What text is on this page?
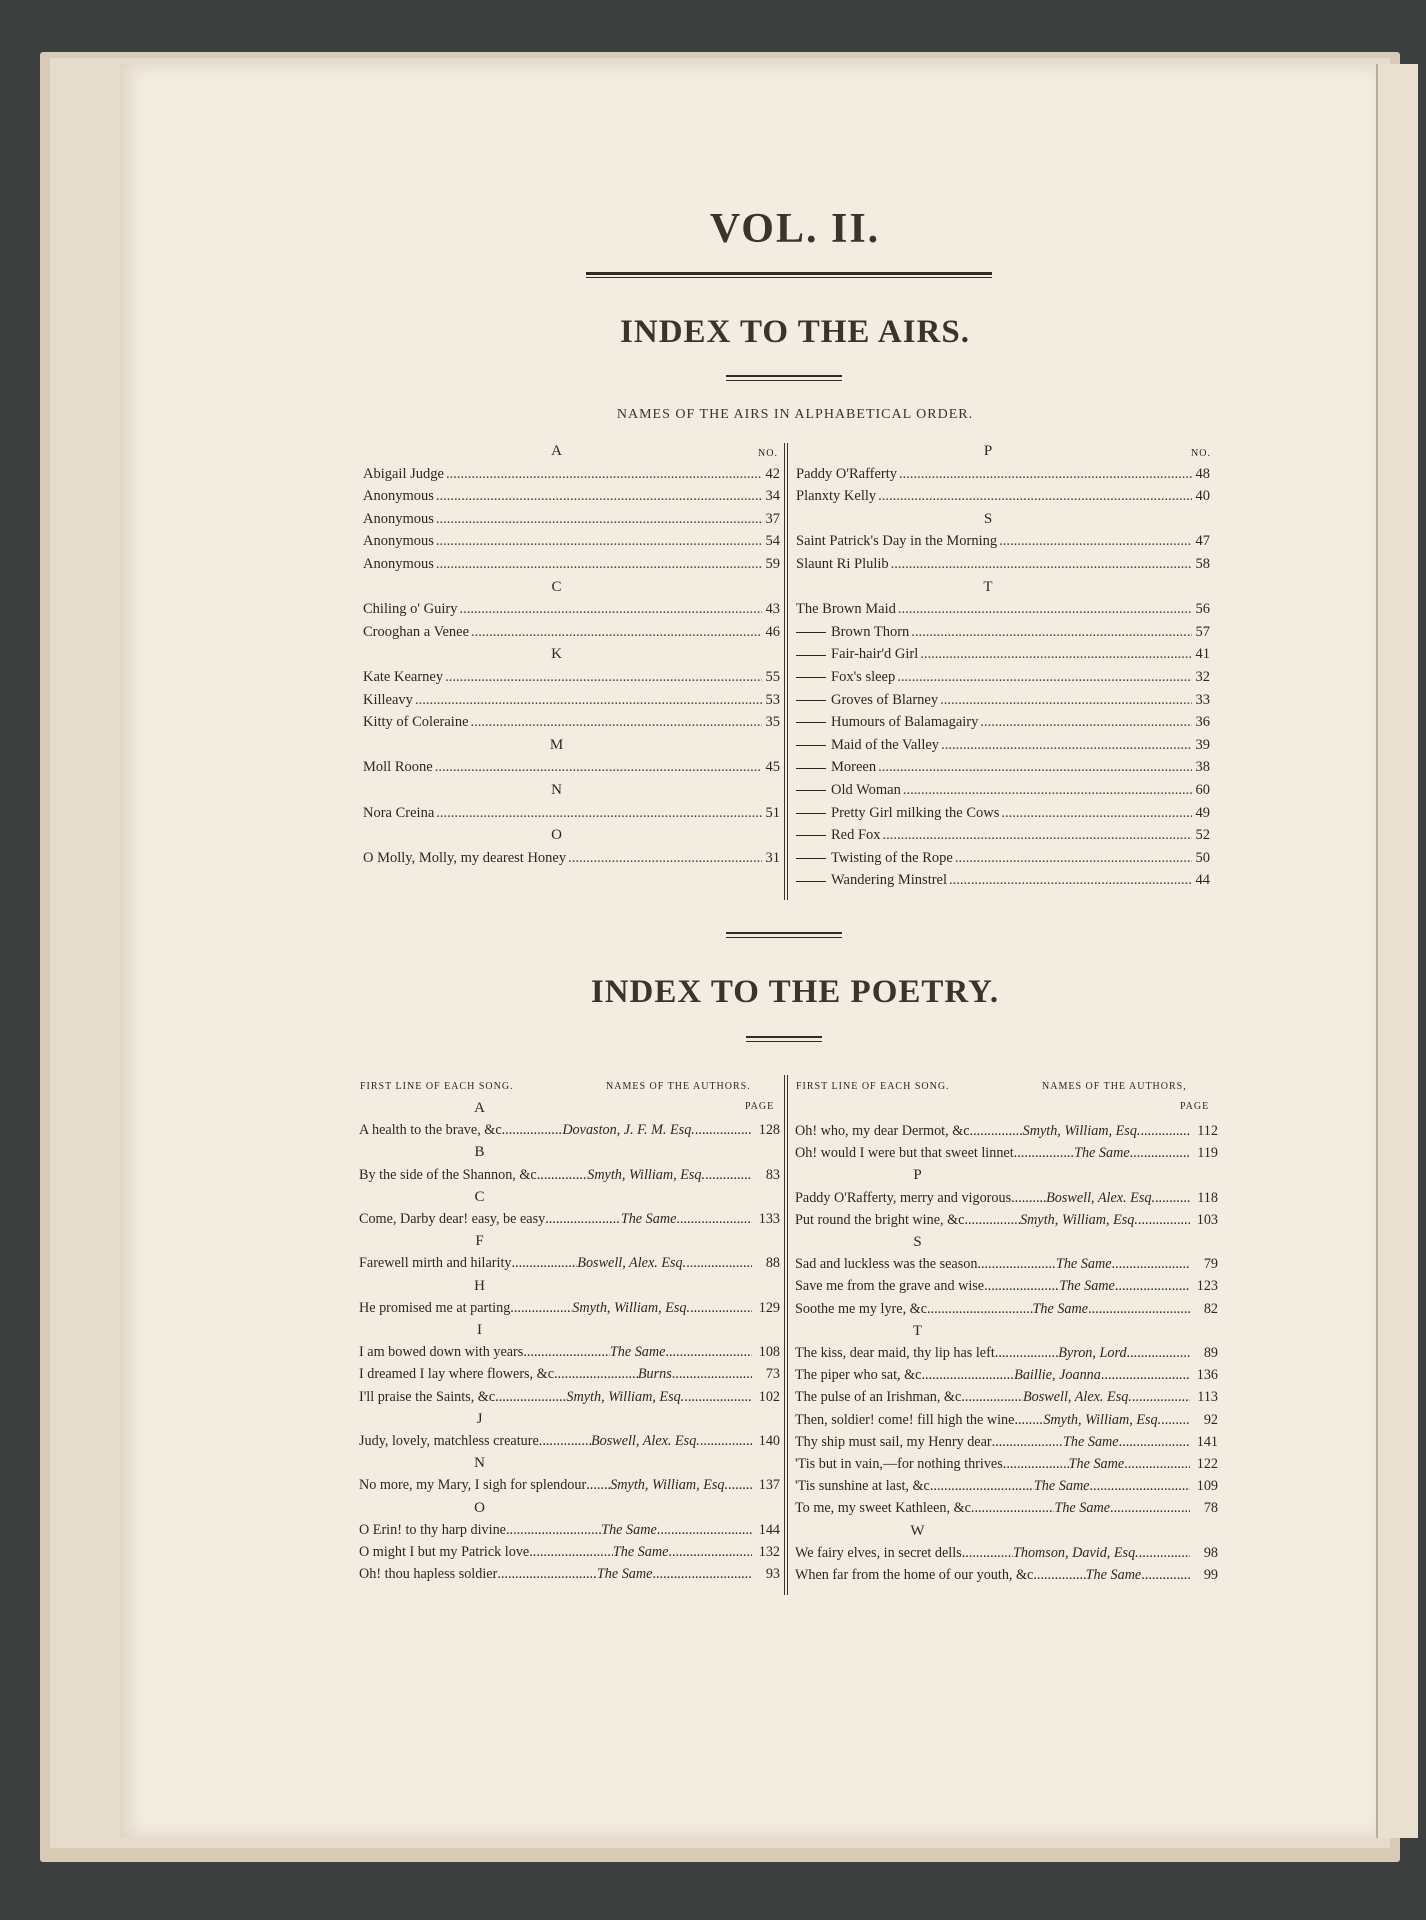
VOL. II.
INDEX TO THE AIRS.
NAMES OF THE AIRS IN ALPHABETICAL ORDER.
NO.	NO.
A
Abigail Judge .....	42
Anonymous .....	34
Anonymous .....	37
Anonymous .....	54
Anonymous .....	59
C
Chiling o' Guiry .....	43
Crooghan a Venee .....	46
K
Kate Kearney .....	55
Killeavy .....	53
Kitty of Coleraine .....	35
M
Moll Roone .....	45
N
Nora Creina .....	51
O
O Molly, Molly, my dearest Honey .....	31
P
Paddy O'Rafferty .....	48
Planxty Kelly .....	40
S
Saint Patrick's Day in the Morning .....	47
Slaunt Ri Plulib .....	58
T
The Brown Maid .....	56
Brown Thorn .....	57
Fair-hair'd Girl .....	41
Fox's sleep .....	32
Groves of Blarney .....	33
Humours of Balamagairy .....	36
Maid of the Valley .....	39
Moreen .....	38
Old Woman .....	60
Pretty Girl milking the Cows .....	49
Red Fox .....	52
Twisting of the Rope .....	50
Wandering Minstrel .....	44
INDEX TO THE POETRY.
FIRST LINE OF EACH SONG.	NAMES OF THE AUTHORS.
PAGE
FIRST LINE OF EACH SONG.	NAMES OF THE AUTHORS,
PAGE
A
A health to the brave, &c. .....	Dovaston, J. F. M. Esq. .....	128
B
By the side of the Shannon, &c. .....	Smyth, William, Esq. .....	83
C
Come, Darby dear! easy, be easy .....	The Same .....	133
F
Farewell mirth and hilarity .....	Boswell, Alex. Esq. .....	88
H
He promised me at parting .....	Smyth, William, Esq. .....	129
I
I am bowed down with years .....	The Same .....	108
I dreamed I lay where flowers, &c. .....	Burns .....	73
I'll praise the Saints, &c. .....	Smyth, William, Esq. .....	102
J
Judy, lovely, matchless creature .....	Boswell, Alex. Esq. .....	140
N
No more, my Mary, I sigh for splendour ..... Smyth, William, Esq. .....	137
O
O Erin! to thy harp divine .....	The Same .....	144
O might I but my Patrick love .....	The Same .....	132
Oh! thou hapless soldier .....	The Same .....	93
Oh! who, my dear Dermot, &c. .....	Smyth, William, Esq. .....	112
Oh! would I were but that sweet linnet .....	The Same .....	119
P
Paddy O'Rafferty, merry and vigorous ..... Boswell, Alex. Esq. .....	118
Put round the bright wine, &c. .....	Smyth, William, Esq. .....	103
S
Sad and luckless was the season .....	The Same .....	79
Save me from the grave and wise .....	The Same .....	123
Soothe me my lyre, &c. .....	The Same .....	82
T
The kiss, dear maid, thy lip has left .....	Byron, Lord .....	89
The piper who sat, &c. .....	Baillie, Joanna .....	136
The pulse of an Irishman, &c. .....	Boswell, Alex. Esq. .....	113
Then, soldier! come! fill high the wine ..... Smyth, William, Esq. .....	92
Thy ship must sail, my Henry dear .....	The Same .....	141
'Tis but in vain,—for nothing thrives .....	The Same .....	122
'Tis sunshine at last, &c. .....	The Same .....	109
To me, my sweet Kathleen, &c. .....	The Same .....	78
W
We fairy elves, in secret dells .....	Thomson, David, Esq. .....	98
When far from the home of our youth, &c. .....	The Same .....	99
